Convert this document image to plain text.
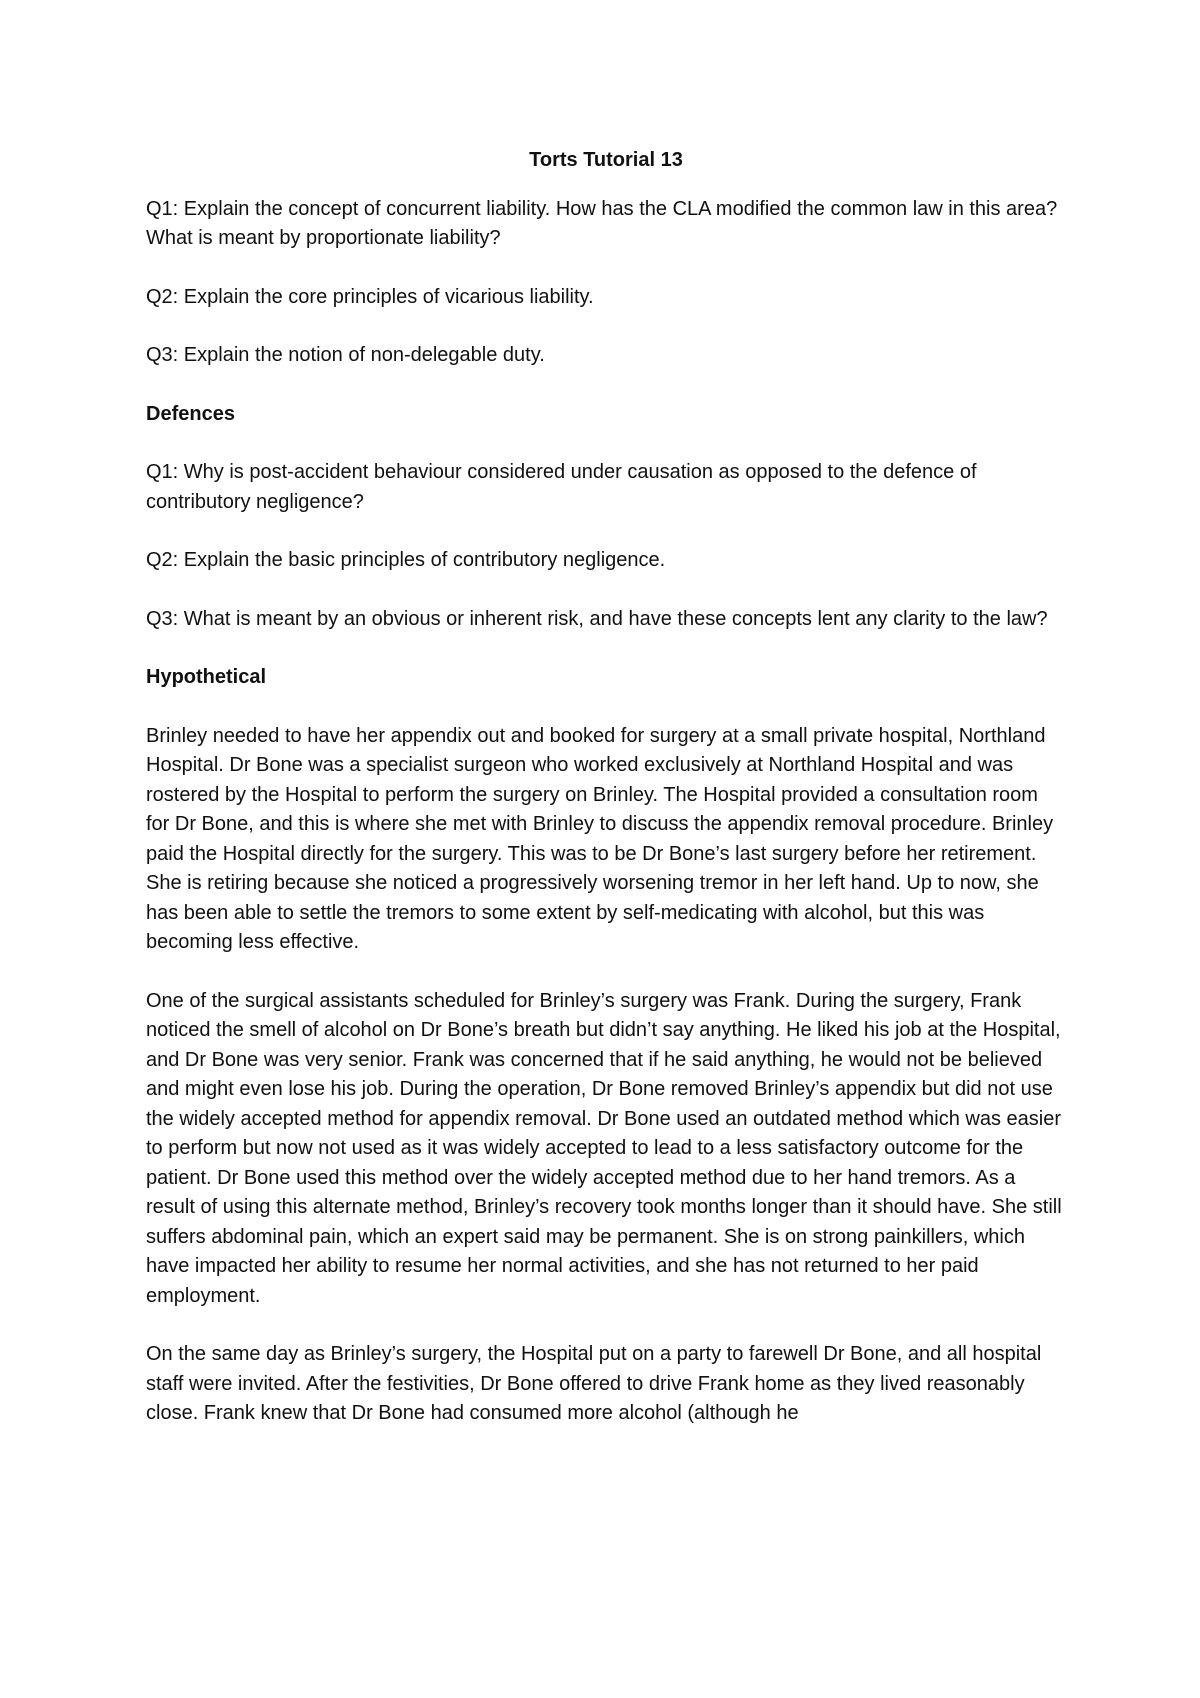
Torts Tutorial 13
Q1: Explain the concept of concurrent liability. How has the CLA modified the common law in this area? What is meant by proportionate liability?
Q2: Explain the core principles of vicarious liability.
Q3: Explain the notion of non-delegable duty.
Defences
Q1: Why is post-accident behaviour considered under causation as opposed to the defence of contributory negligence?
Q2: Explain the basic principles of contributory negligence.
Q3: What is meant by an obvious or inherent risk, and have these concepts lent any clarity to the law?
Hypothetical
Brinley needed to have her appendix out and booked for surgery at a small private hospital, Northland Hospital. Dr Bone was a specialist surgeon who worked exclusively at Northland Hospital and was rostered by the Hospital to perform the surgery on Brinley. The Hospital provided a consultation room for Dr Bone, and this is where she met with Brinley to discuss the appendix removal procedure. Brinley paid the Hospital directly for the surgery. This was to be Dr Bone’s last surgery before her retirement. She is retiring because she noticed a progressively worsening tremor in her left hand. Up to now, she has been able to settle the tremors to some extent by self-medicating with alcohol, but this was becoming less effective.
One of the surgical assistants scheduled for Brinley’s surgery was Frank. During the surgery, Frank noticed the smell of alcohol on Dr Bone’s breath but didn’t say anything. He liked his job at the Hospital, and Dr Bone was very senior. Frank was concerned that if he said anything, he would not be believed and might even lose his job. During the operation, Dr Bone removed Brinley’s appendix but did not use the widely accepted method for appendix removal. Dr Bone used an outdated method which was easier to perform but now not used as it was widely accepted to lead to a less satisfactory outcome for the patient. Dr Bone used this method over the widely accepted method due to her hand tremors. As a result of using this alternate method, Brinley’s recovery took months longer than it should have. She still suffers abdominal pain, which an expert said may be permanent. She is on strong painkillers, which have impacted her ability to resume her normal activities, and she has not returned to her paid employment.
On the same day as Brinley’s surgery, the Hospital put on a party to farewell Dr Bone, and all hospital staff were invited. After the festivities, Dr Bone offered to drive Frank home as they lived reasonably close. Frank knew that Dr Bone had consumed more alcohol (although he
